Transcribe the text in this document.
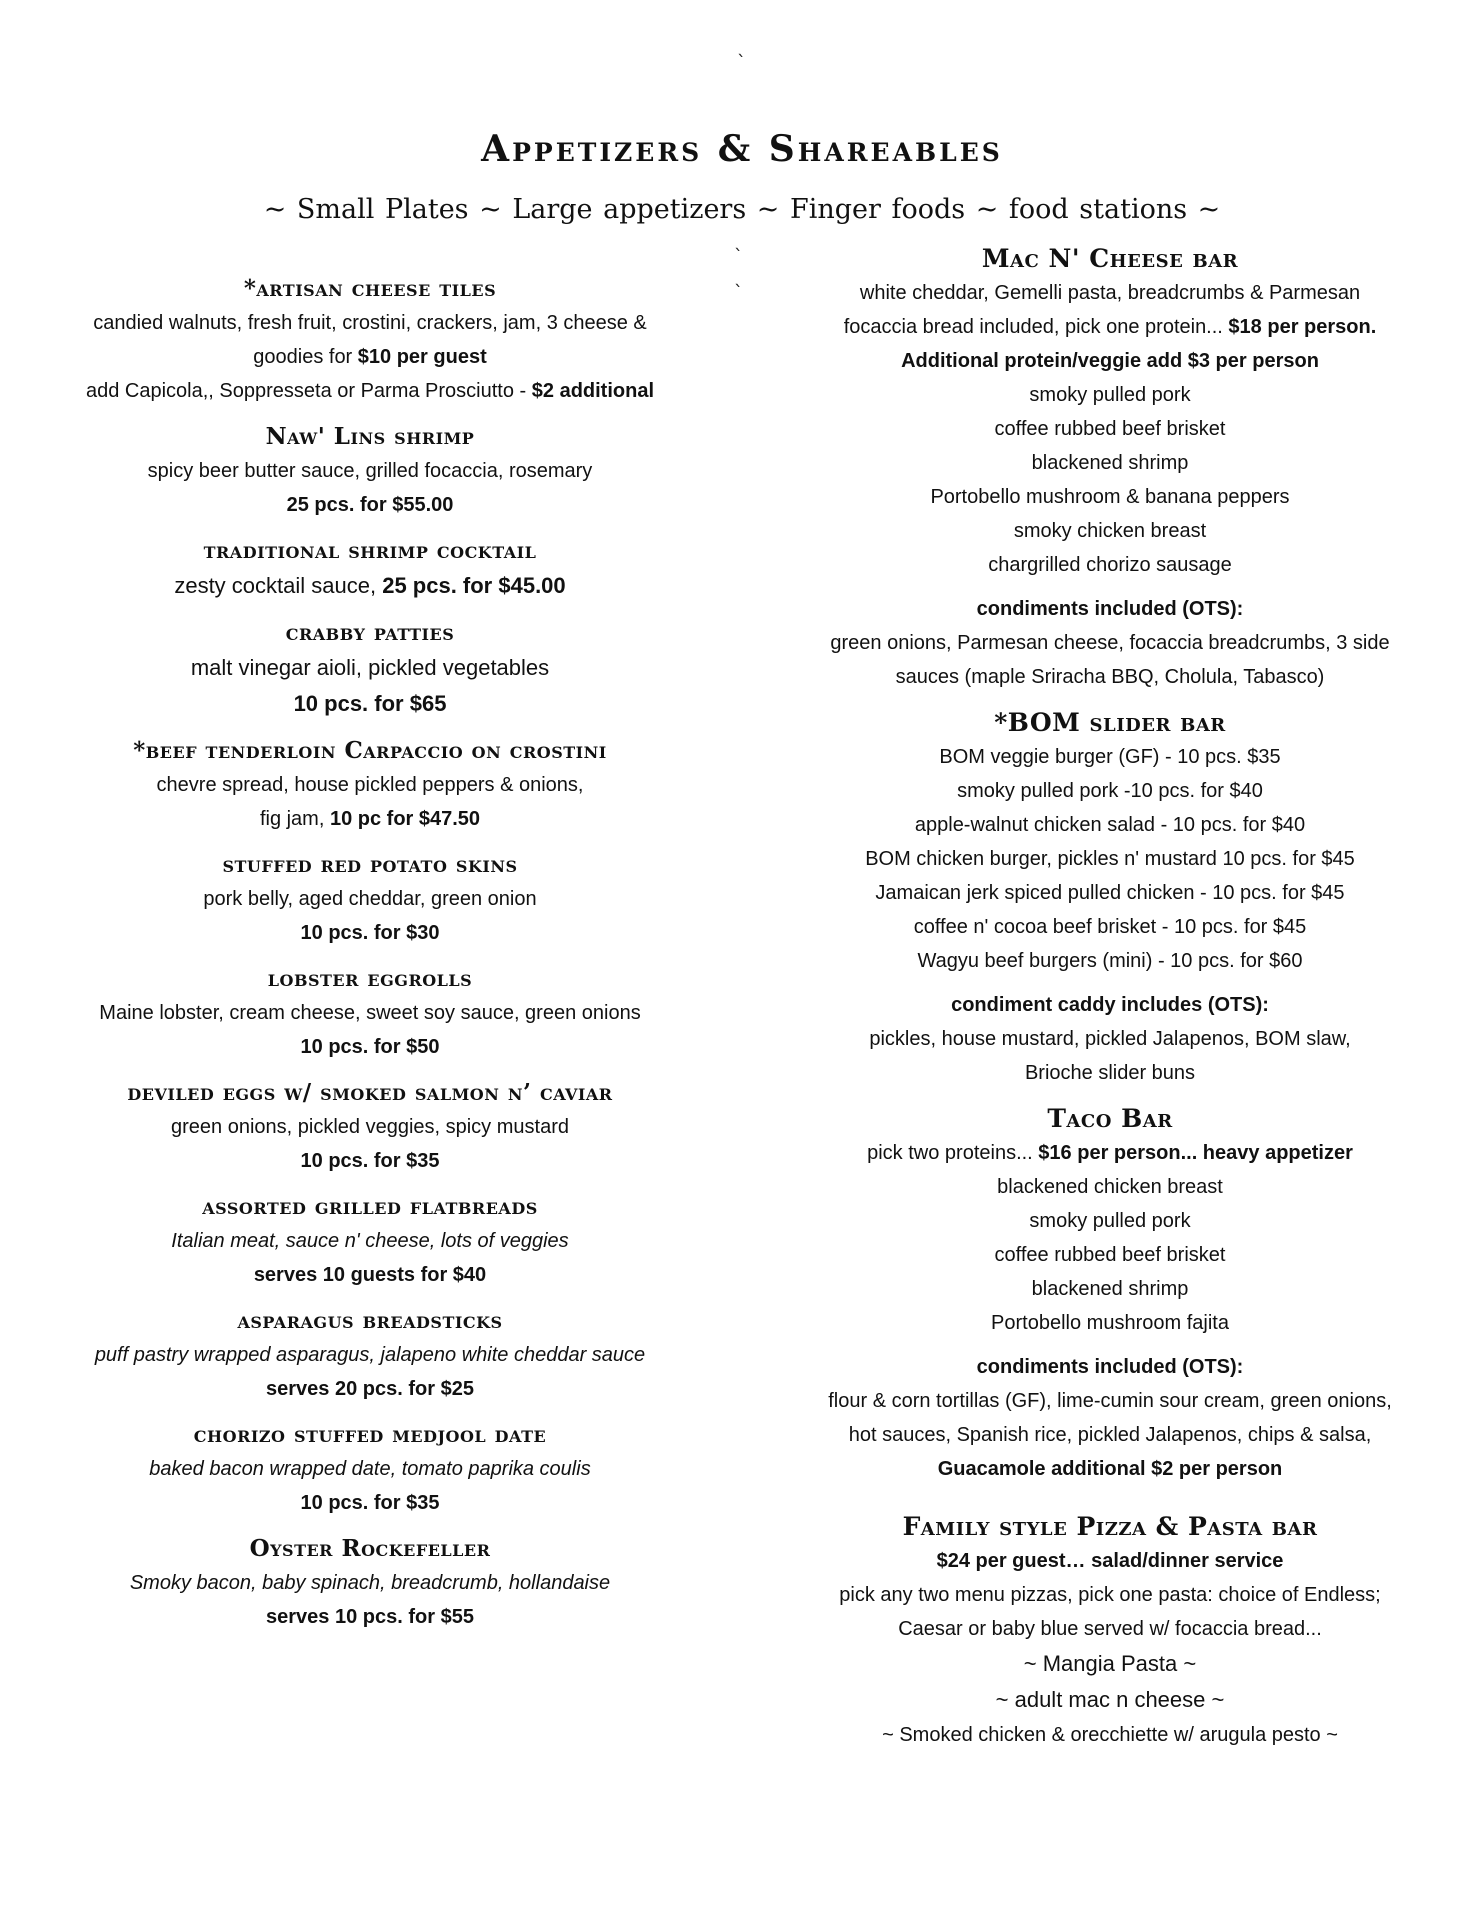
`
`
`
Appetizers & Shareables
~ Small Plates ~ Large appetizers ~ Finger foods ~ food stations ~
*artisan cheese tiles
candied walnuts, fresh fruit, crostini, crackers, jam, 3 cheese &
goodies for $10 per guest
add Capicola,, Soppresseta or Parma Prosciutto - $2 additional
Naw' Lins shrimp
spicy beer butter sauce, grilled focaccia, rosemary
25 pcs. for $55.00
traditional shrimp cocktail
zesty cocktail sauce, 25 pcs. for $45.00
crabby patties
malt vinegar aioli, pickled vegetables
10 pcs. for $65
*beef tenderloin Carpaccio on crostini
chevre spread, house pickled peppers & onions,
fig jam, 10 pc for $47.50
stuffed red potato skins
pork belly, aged cheddar, green onion
10 pcs. for $30
lobster eggrolls
Maine lobster, cream cheese, sweet soy sauce, green onions
10 pcs. for $50
deviled eggs w/ smoked salmon n’ caviar
green onions, pickled veggies, spicy mustard
10 pcs. for $35
assorted grilled flatbreads
Italian meat, sauce n' cheese, lots of veggies
serves 10 guests for $40
asparagus breadsticks
puff pastry wrapped asparagus, jalapeno white cheddar sauce
serves 20 pcs. for $25
chorizo stuffed medjool date
baked bacon wrapped date, tomato paprika coulis
10 pcs. for $35
Oyster Rockefeller
Smoky bacon, baby spinach, breadcrumb, hollandaise
serves 10 pcs. for $55
Mac N' Cheese bar
white cheddar, Gemelli pasta, breadcrumbs & Parmesan
focaccia bread included, pick one protein... $18 per person.
Additional protein/veggie add $3 per person
smoky pulled pork
coffee rubbed beef brisket
blackened shrimp
Portobello mushroom & banana peppers
smoky chicken breast
chargrilled chorizo sausage
condiments included (OTS):
green onions, Parmesan cheese, focaccia breadcrumbs, 3 side
sauces (maple Sriracha BBQ, Cholula, Tabasco)
*BOM slider bar
BOM veggie burger (GF) - 10 pcs. $35
smoky pulled pork -10 pcs. for $40
apple-walnut chicken salad - 10 pcs. for $40
BOM chicken burger, pickles n' mustard 10 pcs. for $45
Jamaican jerk spiced pulled chicken - 10 pcs. for $45
coffee n' cocoa beef brisket - 10 pcs. for $45
Wagyu beef burgers (mini) - 10 pcs. for $60
condiment caddy includes (OTS):
pickles, house mustard, pickled Jalapenos, BOM slaw,
Brioche slider buns
Taco Bar
pick two proteins... $16 per person... heavy appetizer
blackened chicken breast
smoky pulled pork
coffee rubbed beef brisket
blackened shrimp
Portobello mushroom fajita
condiments included (OTS):
flour & corn tortillas (GF), lime-cumin sour cream, green onions,
hot sauces, Spanish rice, pickled Jalapenos, chips & salsa,
Guacamole additional $2 per person
Family style Pizza & Pasta bar
$24 per guest… salad/dinner service
pick any two menu pizzas, pick one pasta: choice of Endless;
Caesar or baby blue served w/ focaccia bread...
~ Mangia Pasta ~
~ adult mac n cheese ~
~ Smoked chicken & orecchiette w/ arugula pesto ~
